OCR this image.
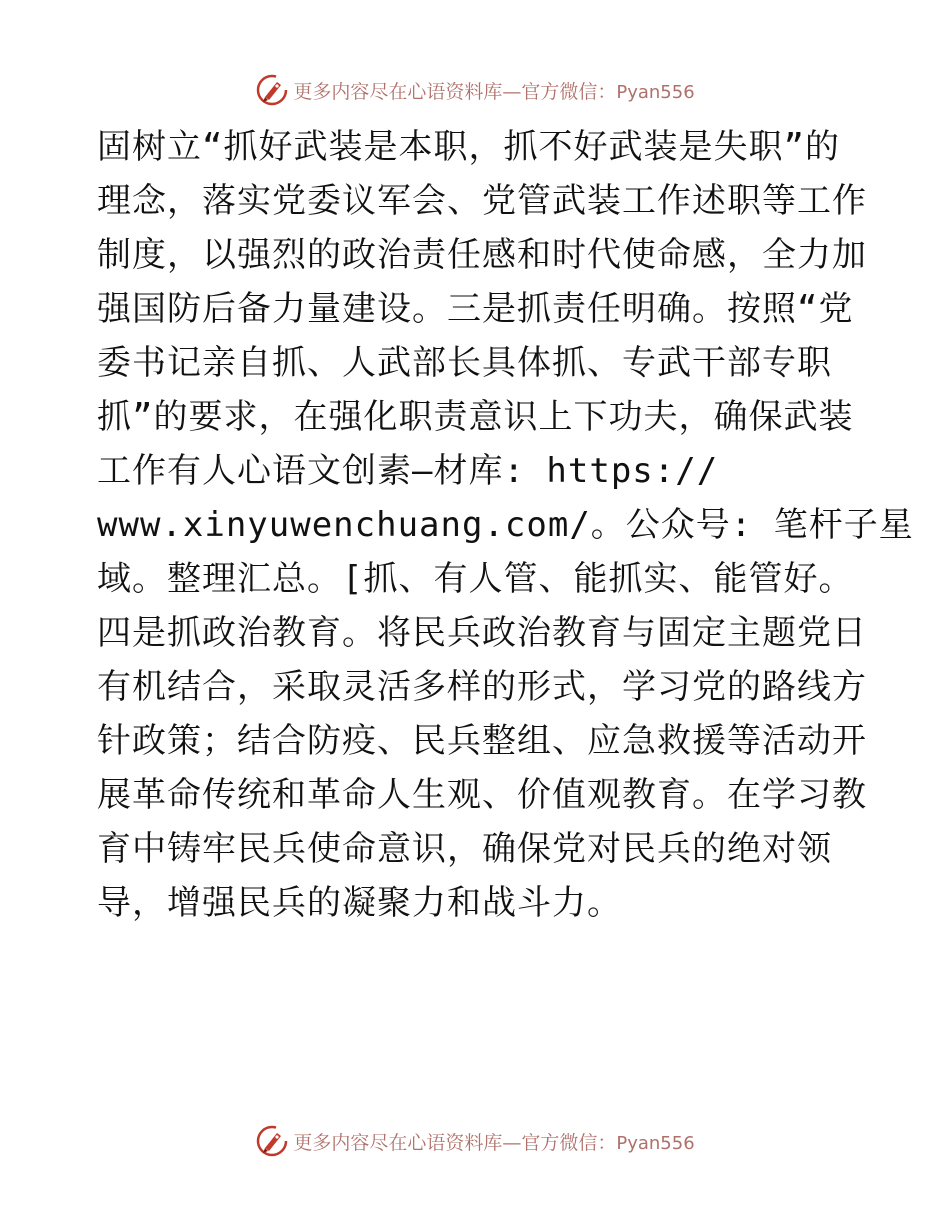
更多内容尽在心语资料库—官方微信：Pyan556
固树立“抓好武装是本职，抓不好武装是失职”的
理念，落实党委议军会、党管武装工作述职等工作
制度，以强烈的政治责任感和时代使命感，全力加
强国防后备力量建设。三是抓责任明确。按照“党
委书记亲自抓、人武部长具体抓、专武干部专职
抓”的要求，在强化职责意识上下功夫，确保武装
工作有人心语文创素—材库: https://
www.xinyuwenchuang.com/。公众号: 笔杆子星
域。整理汇总。[抓、有人管、能抓实、能管好。
四是抓政治教育。将民兵政治教育与固定主题党日
有机结合，采取灵活多样的形式，学习党的路线方
针政策；结合防疫、民兵整组、应急救援等活动开
展革命传统和革命人生观、价值观教育。在学习教
育中铸牢民兵使命意识，确保党对民兵的绝对领
导，增强民兵的凝聚力和战斗力。
更多内容尽在心语资料库—官方微信：Pyan556
